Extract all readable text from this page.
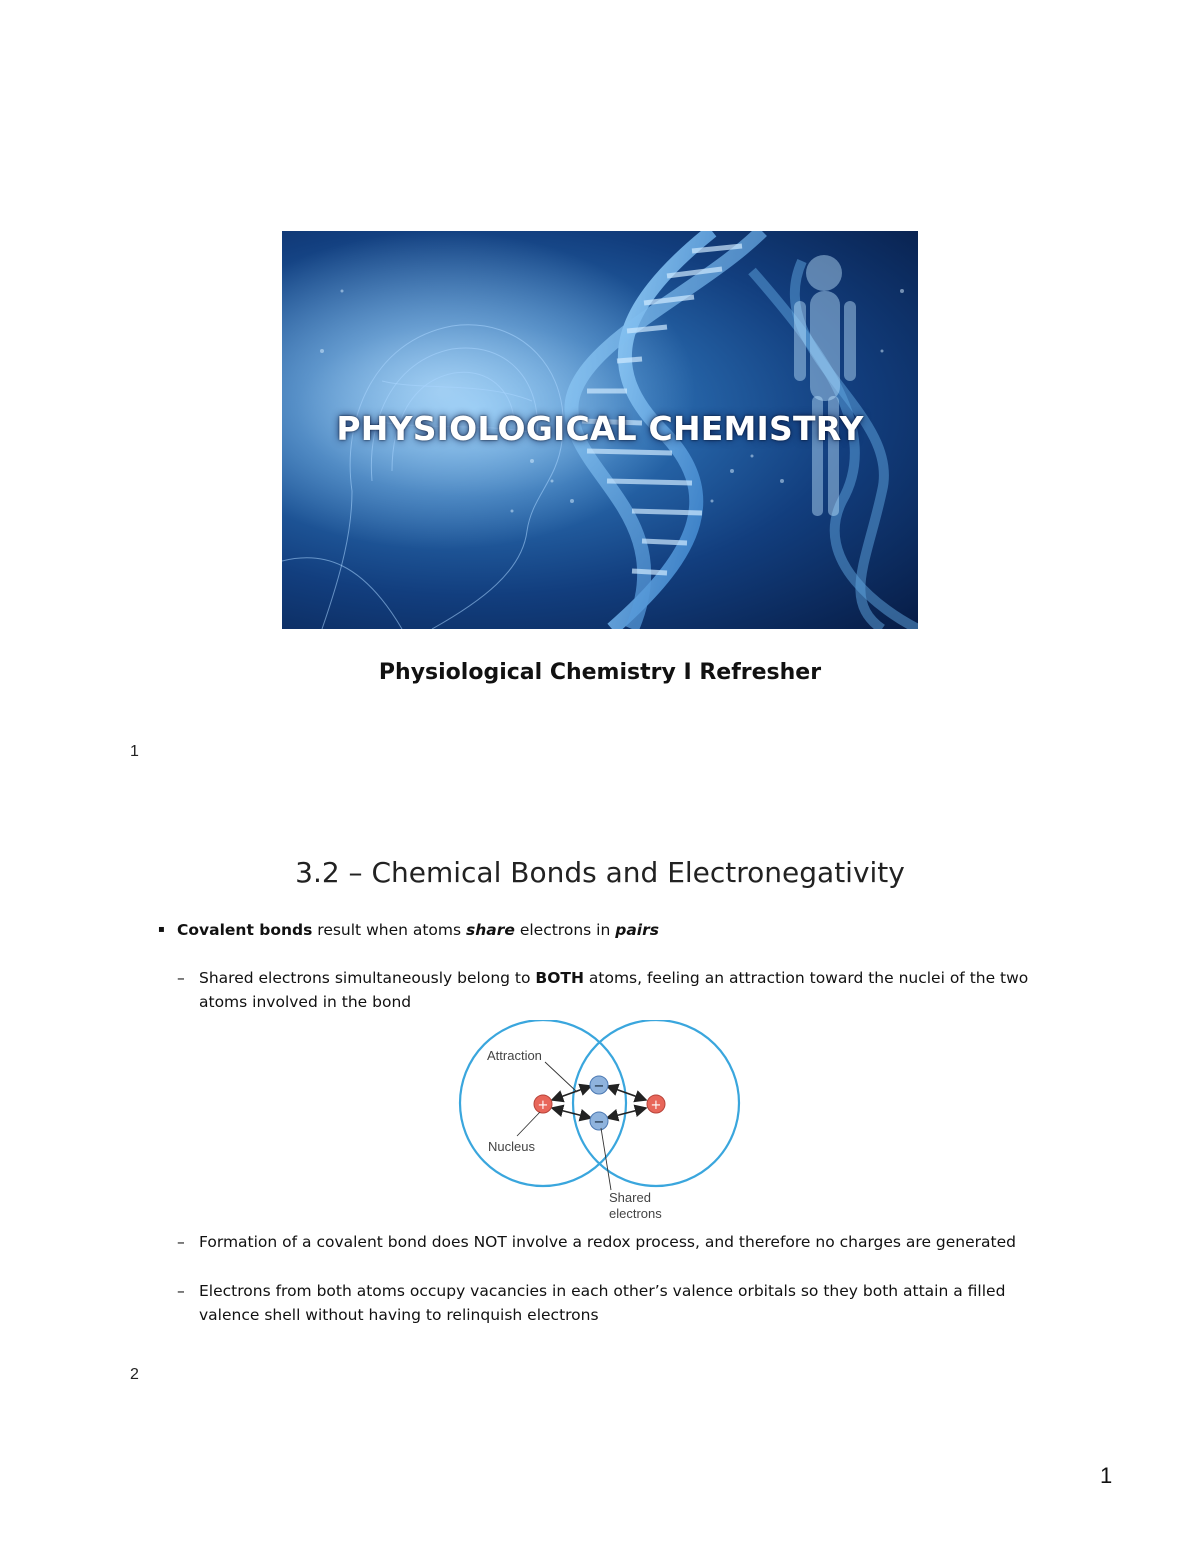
PHYSIOLOGICAL CHEMISTRY
Physiological Chemistry I Refresher
1
3.2 – Chemical Bonds and Electronegativity
▪ Covalent bonds result when atoms share electrons in pairs
– Shared electrons simultaneously belong to BOTH atoms, feeling an attraction toward the nuclei of the two atoms involved in the bond
+	+
−
−
Attraction
Nucleus
Shared
electrons
– Formation of a covalent bond does NOT involve a redox process, and therefore no charges are generated
– Electrons from both atoms occupy vacancies in each other’s valence orbitals so they both attain a filled valence shell without having to relinquish electrons
2
1
